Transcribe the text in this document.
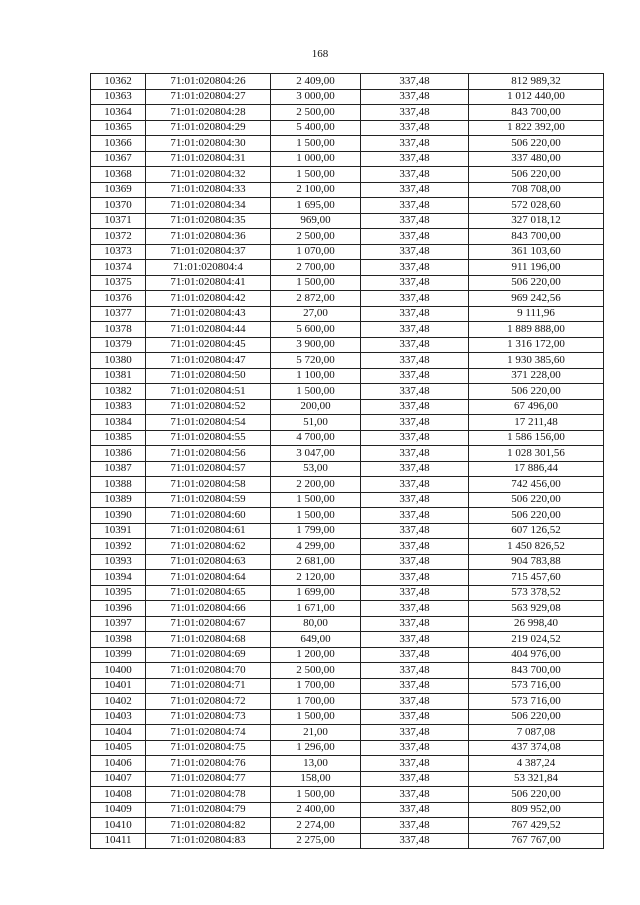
168
10362	71:01:020804:26	2 409,00	337,48	812 989,32
10363	71:01:020804:27	3 000,00	337,48	1 012 440,00
10364	71:01:020804:28	2 500,00	337,48	843 700,00
10365	71:01:020804:29	5 400,00	337,48	1 822 392,00
10366	71:01:020804:30	1 500,00	337,48	506 220,00
10367	71:01:020804:31	1 000,00	337,48	337 480,00
10368	71:01:020804:32	1 500,00	337,48	506 220,00
10369	71:01:020804:33	2 100,00	337,48	708 708,00
10370	71:01:020804:34	1 695,00	337,48	572 028,60
10371	71:01:020804:35	969,00	337,48	327 018,12
10372	71:01:020804:36	2 500,00	337,48	843 700,00
10373	71:01:020804:37	1 070,00	337,48	361 103,60
10374	71:01:020804:4	2 700,00	337,48	911 196,00
10375	71:01:020804:41	1 500,00	337,48	506 220,00
10376	71:01:020804:42	2 872,00	337,48	969 242,56
10377	71:01:020804:43	27,00	337,48	9 111,96
10378	71:01:020804:44	5 600,00	337,48	1 889 888,00
10379	71:01:020804:45	3 900,00	337,48	1 316 172,00
10380	71:01:020804:47	5 720,00	337,48	1 930 385,60
10381	71:01:020804:50	1 100,00	337,48	371 228,00
10382	71:01:020804:51	1 500,00	337,48	506 220,00
10383	71:01:020804:52	200,00	337,48	67 496,00
10384	71:01:020804:54	51,00	337,48	17 211,48
10385	71:01:020804:55	4 700,00	337,48	1 586 156,00
10386	71:01:020804:56	3 047,00	337,48	1 028 301,56
10387	71:01:020804:57	53,00	337,48	17 886,44
10388	71:01:020804:58	2 200,00	337,48	742 456,00
10389	71:01:020804:59	1 500,00	337,48	506 220,00
10390	71:01:020804:60	1 500,00	337,48	506 220,00
10391	71:01:020804:61	1 799,00	337,48	607 126,52
10392	71:01:020804:62	4 299,00	337,48	1 450 826,52
10393	71:01:020804:63	2 681,00	337,48	904 783,88
10394	71:01:020804:64	2 120,00	337,48	715 457,60
10395	71:01:020804:65	1 699,00	337,48	573 378,52
10396	71:01:020804:66	1 671,00	337,48	563 929,08
10397	71:01:020804:67	80,00	337,48	26 998,40
10398	71:01:020804:68	649,00	337,48	219 024,52
10399	71:01:020804:69	1 200,00	337,48	404 976,00
10400	71:01:020804:70	2 500,00	337,48	843 700,00
10401	71:01:020804:71	1 700,00	337,48	573 716,00
10402	71:01:020804:72	1 700,00	337,48	573 716,00
10403	71:01:020804:73	1 500,00	337,48	506 220,00
10404	71:01:020804:74	21,00	337,48	7 087,08
10405	71:01:020804:75	1 296,00	337,48	437 374,08
10406	71:01:020804:76	13,00	337,48	4 387,24
10407	71:01:020804:77	158,00	337,48	53 321,84
10408	71:01:020804:78	1 500,00	337,48	506 220,00
10409	71:01:020804:79	2 400,00	337,48	809 952,00
10410	71:01:020804:82	2 274,00	337,48	767 429,52
10411	71:01:020804:83	2 275,00	337,48	767 767,00
